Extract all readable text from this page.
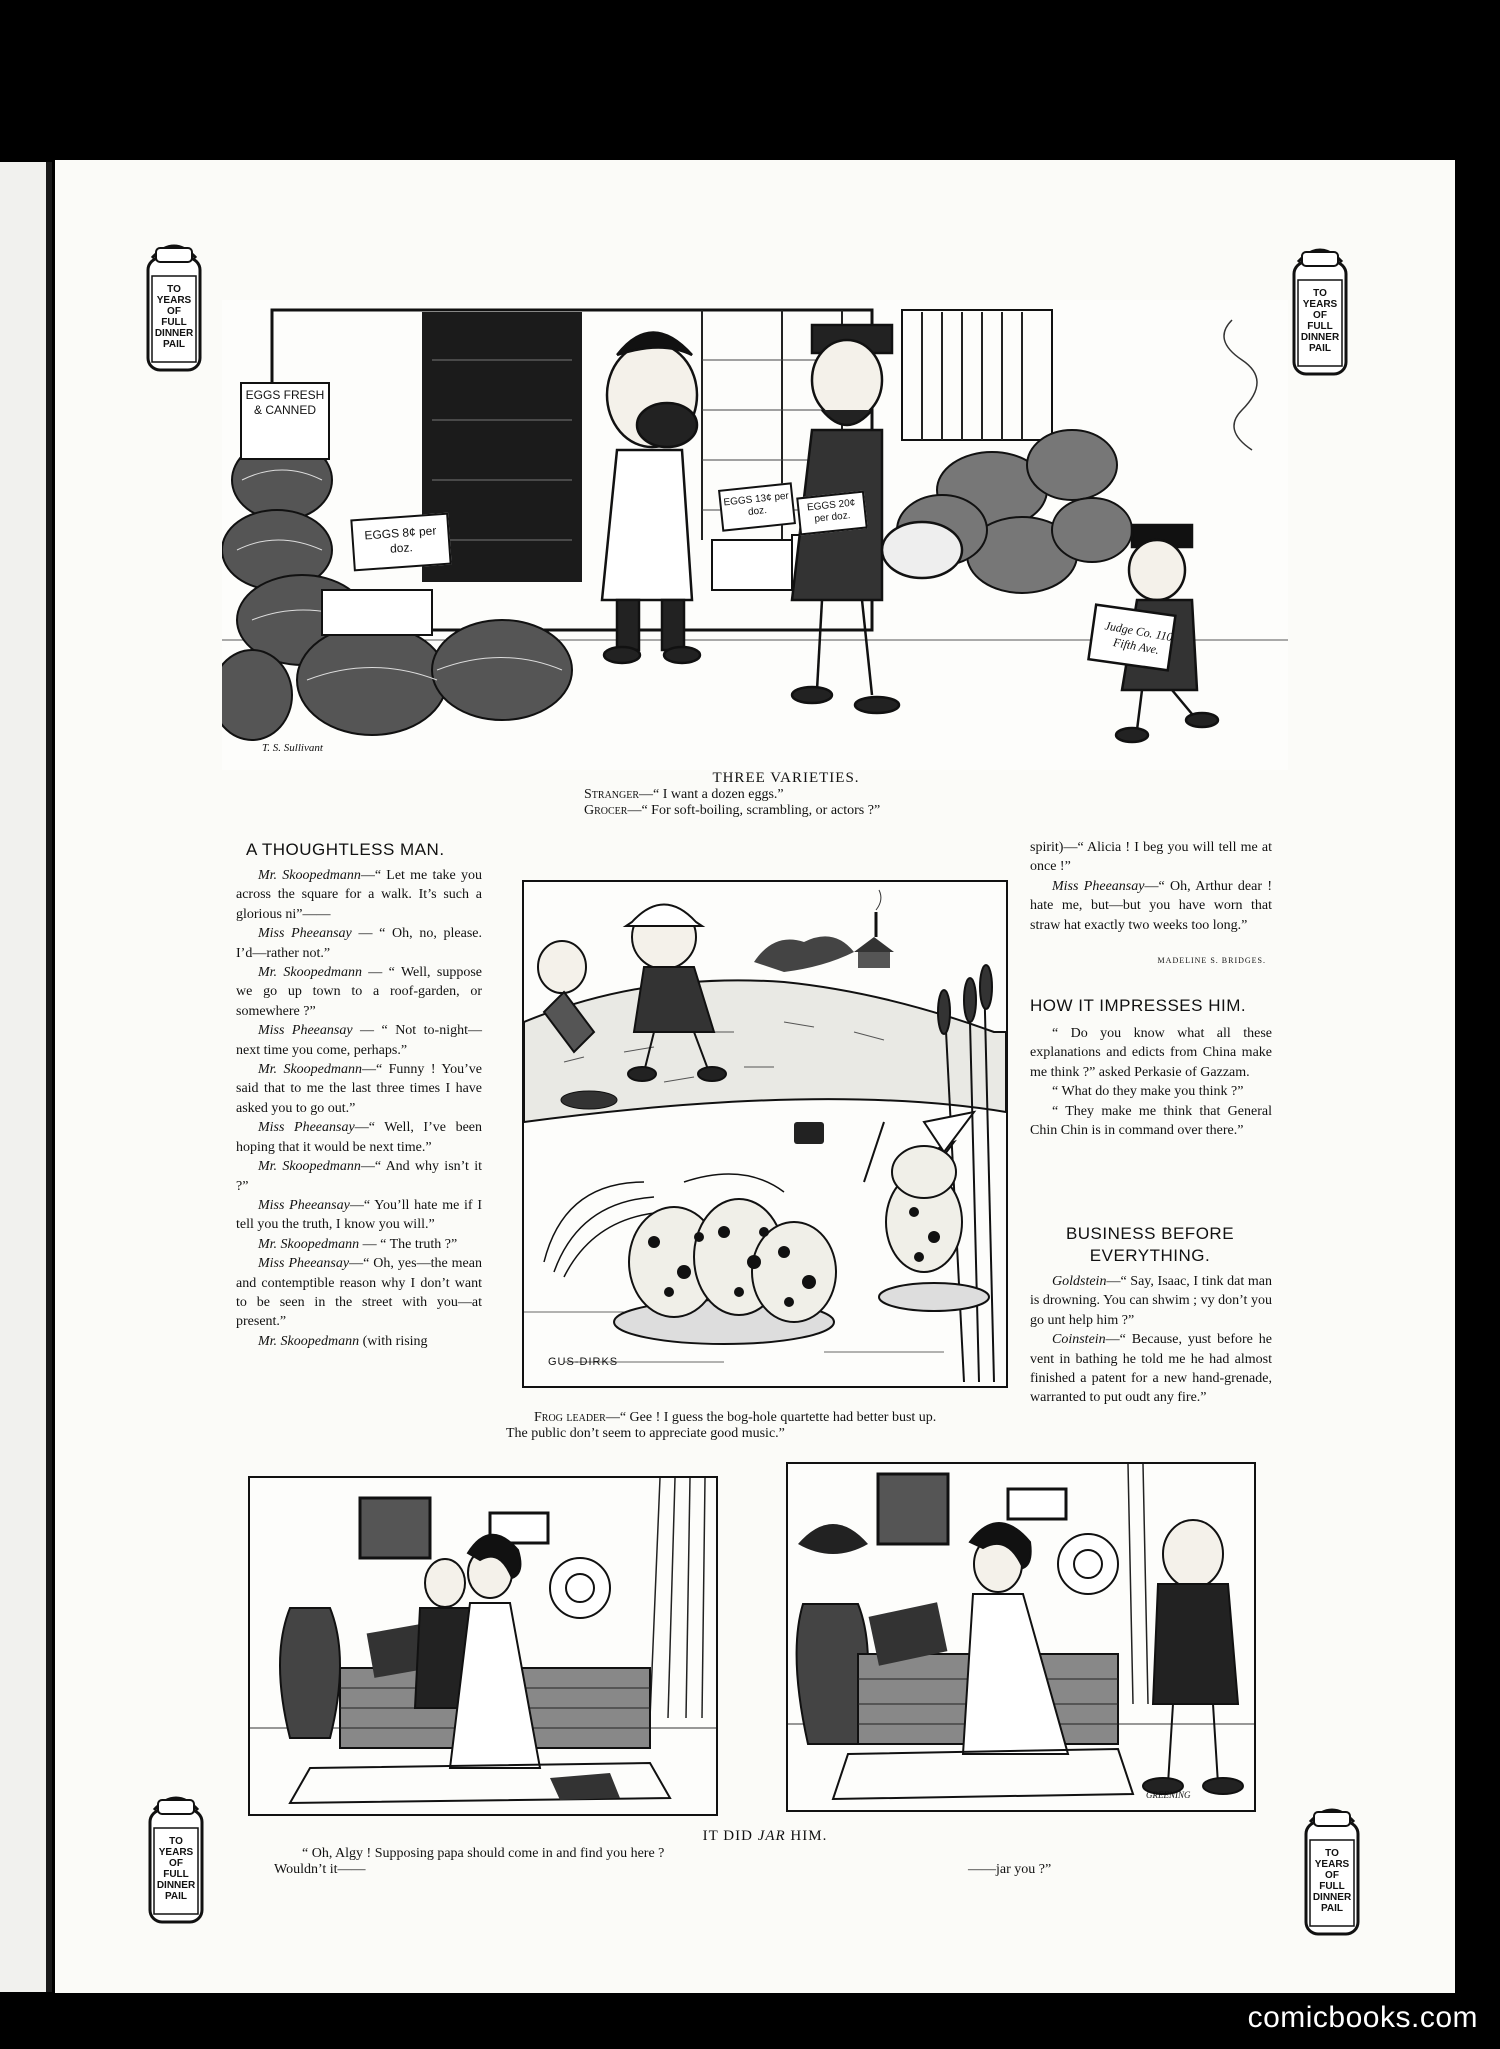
TO
YEARS
OF
FULL
DINNER
PAIL
TO
YEARS
OF
FULL
DINNER
PAIL
TO
YEARS
OF
FULL
DINNER
PAIL
TO
YEARS
OF
FULL
DINNER
PAIL
EGGS FRESH & CANNED
EGGS 8¢ per doz.
EGGS 13¢ per doz.	EGGS 20¢ per doz.
Judge Co. 110 Fifth Ave.
T. S. Sullivant
THREE VARIETIES.
Stranger—“ I want a dozen eggs.”
Grocer—“ For soft-boiling, scrambling, or actors ?”
A THOUGHTLESS MAN.

Mr. Skoopedmann—“ Let me take you across the square for a walk. It’s such a glorious ni”——

Miss Pheeansay — “ Oh, no, please. I’d—rather not.”

Mr. Skoopedmann — “ Well, suppose we go up town to a roof-garden, or somewhere ?”

Miss Pheeansay — “ Not to-night—next time you come, perhaps.”

Mr. Skoopedmann—“ Funny ! You’ve said that to me the last three times I have asked you to go out.”

Miss Pheeansay—“ Well, I’ve been hoping that it would be next time.”

Mr. Skoopedmann—“ And why isn’t it ?”

Miss Pheeansay—“ You’ll hate me if I tell you the truth, I know you will.”

Mr. Skoopedmann — “ The truth ?”

Miss Pheeansay—“ Oh, yes—the mean and contemptible reason why I don’t want to be seen in the street with you—at present.”

Mr. Skoopedmann (with rising

GUS-DIRKS
Frog leader—“ Gee ! I guess the bog-hole quartette had better bust up.
The public don’t seem to appreciate good music.”

spirit)—“ Alicia ! I beg you will tell me at once !”

Miss Pheeansay—“ Oh, Arthur dear ! hate me, but—but you have worn that straw hat exactly two weeks too long.”

MADELINE S. BRIDGES.
HOW IT IMPRESSES HIM.

“ Do you know what all these explanations and edicts from China make me think ?” asked Perkasie of Gazzam.

“ What do they make you think ?”

“ They make me think that General Chin Chin is in command over there.”

BUSINESS BEFORE
EVERYTHING.

Goldstein—“ Say, Isaac, I tink dat man is drowning. You can shwim ; vy don’t you go unt help him ?”

Coinstein—“ Because, yust before he vent in bathing he told me he had almost finished a patent for a new hand-grenade, warranted to put oudt any fire.”

GREENING
IT DID JAR HIM.
“ Oh, Algy ! Supposing papa should come in and find you here ?
Wouldn’t it——	——jar you ?”
comicbooks.com
